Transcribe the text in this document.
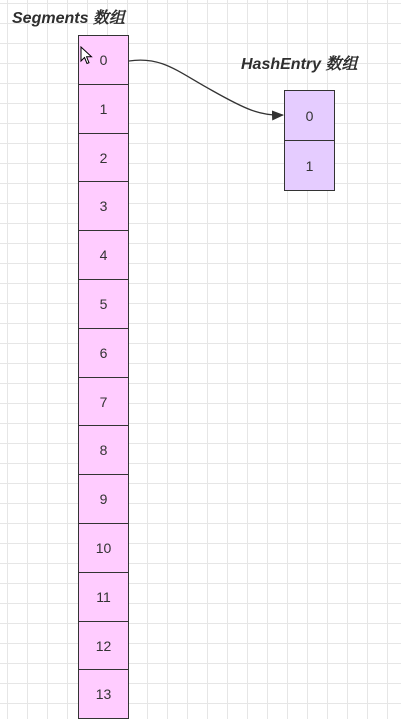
Segments 数组
HashEntry 数组
0
1
2
3
4
5
6
7
8
9
10
11
12
13
0
1
